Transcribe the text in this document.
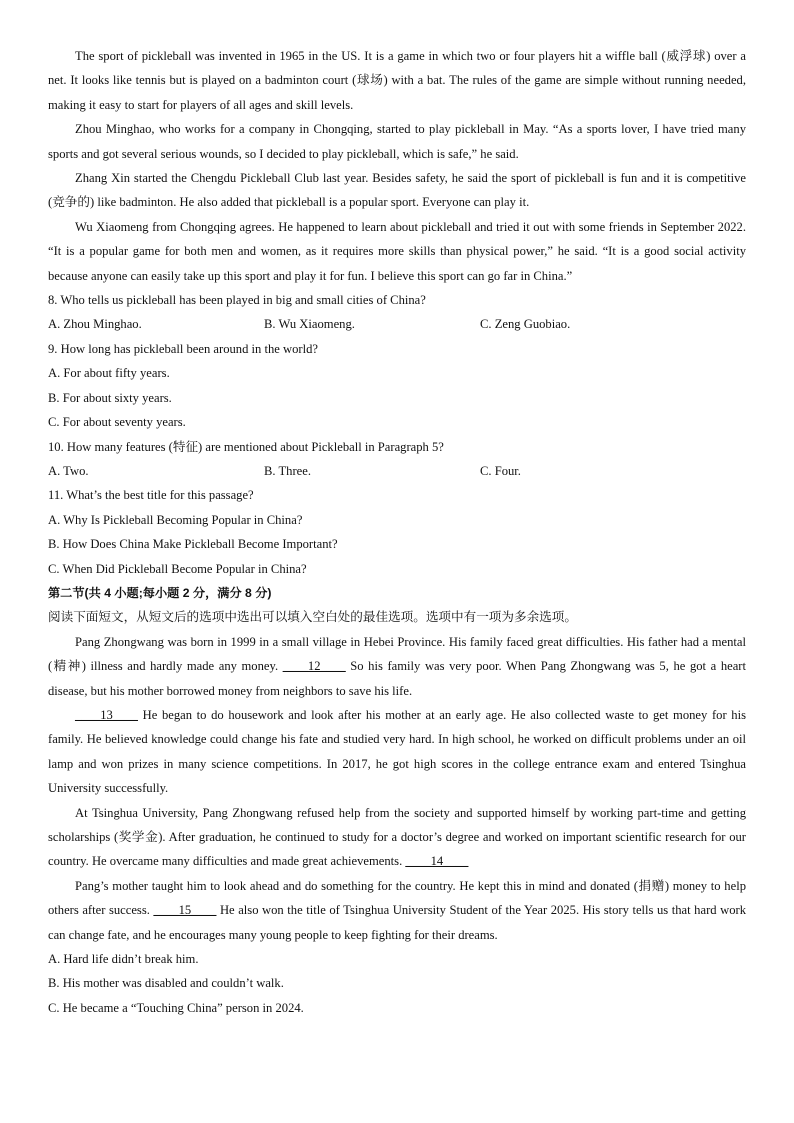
The sport of pickleball was invented in 1965 in the US. It is a game in which two or four players hit a wiffle ball (威浮球) over a net. It looks like tennis but is played on a badminton court (球场) with a bat. The rules of the game are simple without running needed, making it easy to start for players of all ages and skill levels.

Zhou Minghao, who works for a company in Chongqing, started to play pickleball in May. “As a sports lover, I have tried many sports and got several serious wounds, so I decided to play pickleball, which is safe,” he said.

Zhang Xin started the Chengdu Pickleball Club last year. Besides safety, he said the sport of pickleball is fun and it is competitive (竞争的) like badminton. He also added that pickleball is a popular sport. Everyone can play it.

Wu Xiaomeng from Chongqing agrees. He happened to learn about pickleball and tried it out with some friends in September 2022. “It is a popular game for both men and women, as it requires more skills than physical power,” he said. “It is a good social activity because anyone can easily take up this sport and play it for fun. I believe this sport can go far in China.”

8. Who tells us pickleball has been played in big and small cities of China?

A. Zhou Minghao.	B. Wu Xiaomeng.	C. Zeng Guobiao.

9. How long has pickleball been around in the world?

A. For about fifty years.

B. For about sixty years.

C. For about seventy years.

10. How many features (特征) are mentioned about Pickleball in Paragraph 5?

A. Two.	B. Three.	C. Four.

11. What’s the best title for this passage?

A. Why Is Pickleball Becoming Popular in China?

B. How Does China Make Pickleball Become Important?

C. When Did Pickleball Become Popular in China?

第二节(共 4 小题;每小题 2 分，满分 8 分)

阅读下面短文，从短文后的选项中选出可以填入空白处的最佳选项。选项中有一项为多余选项。

Pang Zhongwang was born in 1999 in a small village in Hebei Province. His family faced great difficulties. His father had a mental (精神) illness and hardly made any money. ____12____ So his family was very poor. When Pang Zhongwang was 5, he got a heart disease, but his mother borrowed money from neighbors to save his life.

____13____ He began to do housework and look after his mother at an early age. He also collected waste to get money for his family. He believed knowledge could change his fate and studied very hard. In high school, he worked on difficult problems under an oil lamp and won prizes in many science competitions. In 2017, he got high scores in the college entrance exam and entered Tsinghua University successfully.

At Tsinghua University, Pang Zhongwang refused help from the society and supported himself by working part-time and getting scholarships (奖学金). After graduation, he continued to study for a doctor’s degree and worked on important scientific research for our country. He overcame many difficulties and made great achievements. ____14____

Pang’s mother taught him to look ahead and do something for the country. He kept this in mind and donated (捐赠) money to help others after success. ____15____ He also won the title of Tsinghua University Student of the Year 2025. His story tells us that hard work can change fate, and he encourages many young people to keep fighting for their dreams.

A. Hard life didn’t break him.

B. His mother was disabled and couldn’t walk.

C. He became a “Touching China” person in 2024.
